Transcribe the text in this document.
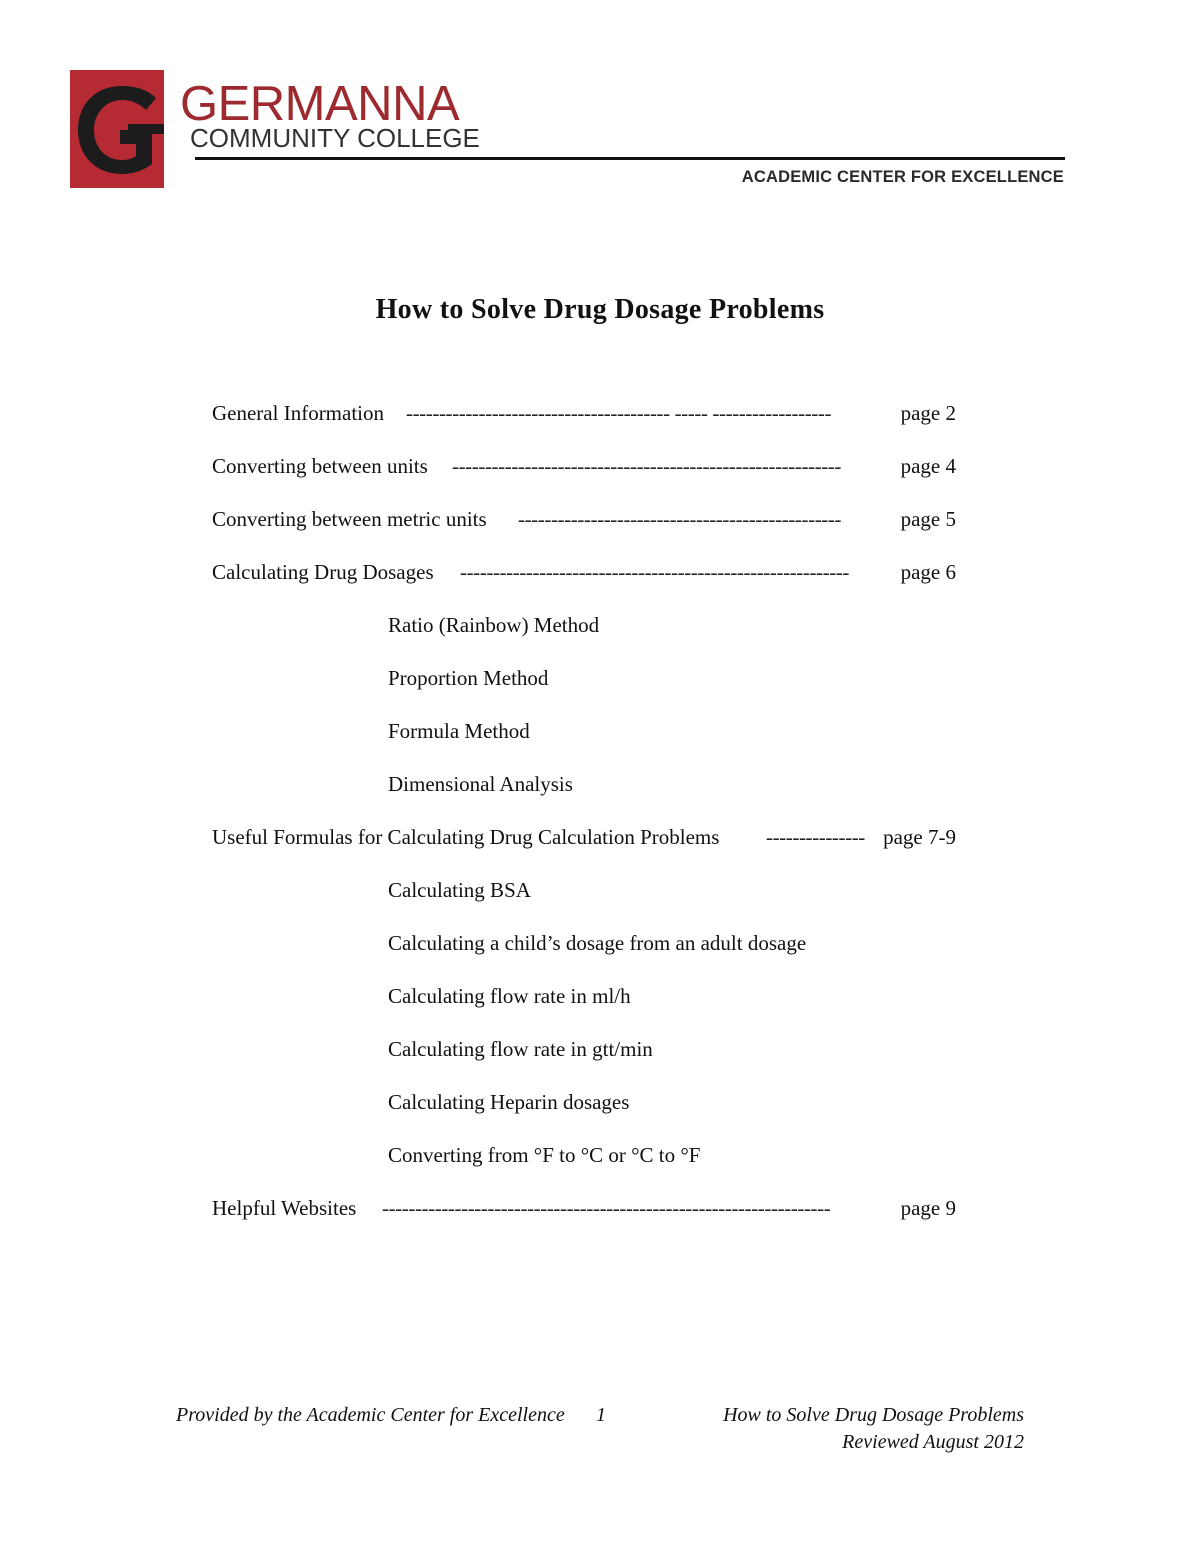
GERMANNA
COMMUNITY COLLEGE
ACADEMIC CENTER FOR EXCELLENCE
How to Solve Drug Dosage Problems
General Information ---------------------------------------- ----- ------------------	page 2
Converting between units -----------------------------------------------------------	page 4
Converting between metric units -------------------------------------------------	page 5
Calculating Drug Dosages -----------------------------------------------------------	page 6
Ratio (Rainbow) Method
Proportion Method
Formula Method
Dimensional Analysis
Useful Formulas for Calculating Drug Calculation Problems --------------- page 7-9
Calculating BSA
Calculating a child’s dosage from an adult dosage
Calculating flow rate in ml/h
Calculating flow rate in gtt/min
Calculating Heparin dosages
Converting from °F to °C or °C to °F
Helpful Websites --------------------------------------------------------------------	page 9
Provided by the Academic Center for Excellence 1	How to Solve Drug Dosage Problems
Reviewed August 2012
